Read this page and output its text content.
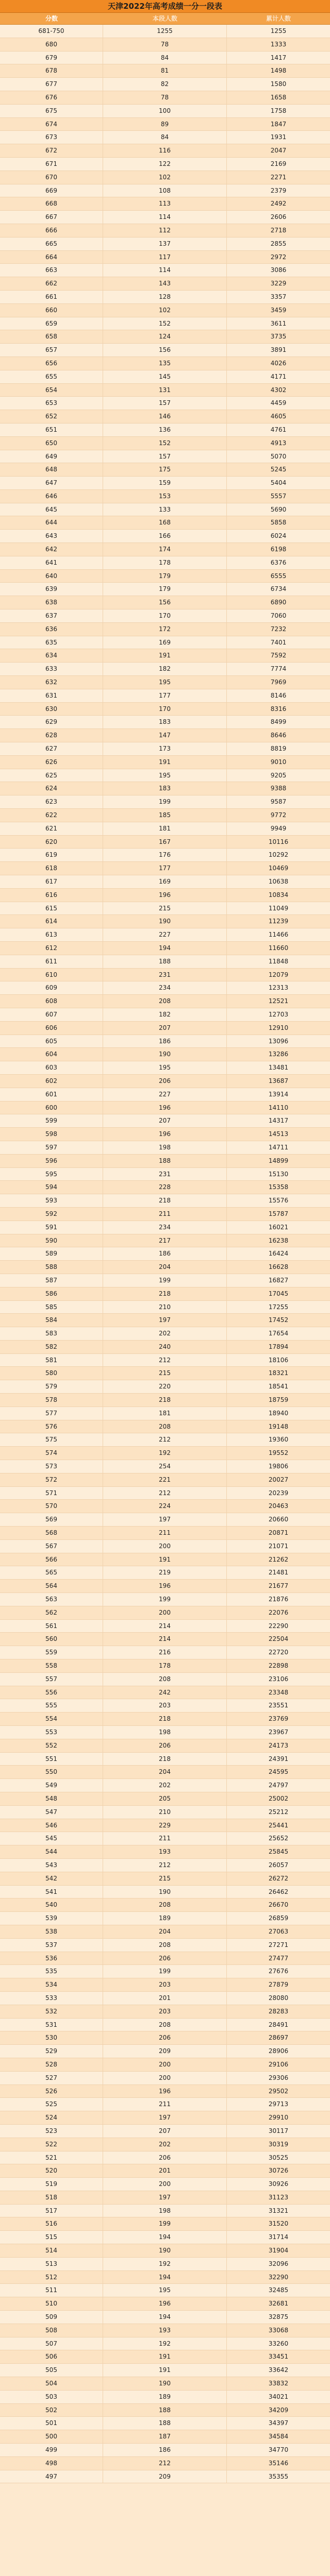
天津2022年高考成绩一分一段表
分数	本段人数	累计人数
681-750	1255	1255
680	78	1333
679	84	1417
678	81	1498
677	82	1580
676	78	1658
675	100	1758
674	89	1847
673	84	1931
672	116	2047
671	122	2169
670	102	2271
669	108	2379
668	113	2492
667	114	2606
666	112	2718
665	137	2855
664	117	2972
663	114	3086
662	143	3229
661	128	3357
660	102	3459
659	152	3611
658	124	3735
657	156	3891
656	135	4026
655	145	4171
654	131	4302
653	157	4459
652	146	4605
651	136	4761
650	152	4913
649	157	5070
648	175	5245
647	159	5404
646	153	5557
645	133	5690
644	168	5858
643	166	6024
642	174	6198
641	178	6376
640	179	6555
639	179	6734
638	156	6890
637	170	7060
636	172	7232
635	169	7401
634	191	7592
633	182	7774
632	195	7969
631	177	8146
630	170	8316
629	183	8499
628	147	8646
627	173	8819
626	191	9010
625	195	9205
624	183	9388
623	199	9587
622	185	9772
621	181	9949
620	167	10116
619	176	10292
618	177	10469
617	169	10638
616	196	10834
615	215	11049
614	190	11239
613	227	11466
612	194	11660
611	188	11848
610	231	12079
609	234	12313
608	208	12521
607	182	12703
606	207	12910
605	186	13096
604	190	13286
603	195	13481
602	206	13687
601	227	13914
600	196	14110
599	207	14317
598	196	14513
597	198	14711
596	188	14899
595	231	15130
594	228	15358
593	218	15576
592	211	15787
591	234	16021
590	217	16238
589	186	16424
588	204	16628
587	199	16827
586	218	17045
585	210	17255
584	197	17452
583	202	17654
582	240	17894
581	212	18106
580	215	18321
579	220	18541
578	218	18759
577	181	18940
576	208	19148
575	212	19360
574	192	19552
573	254	19806
572	221	20027
571	212	20239
570	224	20463
569	197	20660
568	211	20871
567	200	21071
566	191	21262
565	219	21481
564	196	21677
563	199	21876
562	200	22076
561	214	22290
560	214	22504
559	216	22720
558	178	22898
557	208	23106
556	242	23348
555	203	23551
554	218	23769
553	198	23967
552	206	24173
551	218	24391
550	204	24595
549	202	24797
548	205	25002
547	210	25212
546	229	25441
545	211	25652
544	193	25845
543	212	26057
542	215	26272
541	190	26462
540	208	26670
539	189	26859
538	204	27063
537	208	27271
536	206	27477
535	199	27676
534	203	27879
533	201	28080
532	203	28283
531	208	28491
530	206	28697
529	209	28906
528	200	29106
527	200	29306
526	196	29502
525	211	29713
524	197	29910
523	207	30117
522	202	30319
521	206	30525
520	201	30726
519	200	30926
518	197	31123
517	198	31321
516	199	31520
515	194	31714
514	190	31904
513	192	32096
512	194	32290
511	195	32485
510	196	32681
509	194	32875
508	193	33068
507	192	33260
506	191	33451
505	191	33642
504	190	33832
503	189	34021
502	188	34209
501	188	34397
500	187	34584
499	186	34770
498	212	35146
497	209	35355
